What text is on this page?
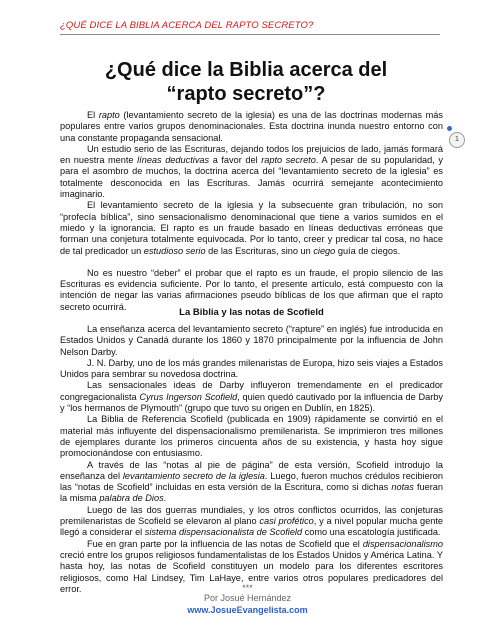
¿QUÉ DICE LA BIBLIA ACERCA DEL RAPTO SECRETO?
1
¿Qué dice la Biblia acerca del “rapto secreto”?

El rapto (levantamiento secreto de la iglesia) es una de las doctrinas modernas más populares entre varios grupos denominacionales. Esta doctrina inunda nuestro entorno con una constante propaganda sensacional.

Un estudio serio de las Escrituras, dejando todos los prejuicios de lado, jamás formará en nuestra mente líneas deductivas a favor del rapto secreto. A pesar de su popularidad, y para el asombro de muchos, la doctrina acerca del “levantamiento secreto de la iglesia” es totalmente desconocida en las Escrituras. Jamás ocurrirá semejante acontecimiento imaginario.

El levantamiento secreto de la iglesia y la subsecuente gran tribulación, no son “profecía bíblica”, sino sensacionalismo denominacional que tiene a varios sumidos en el miedo y la ignorancia. El rapto es un fraude basado en líneas deductivas erróneas que forman una conjetura totalmente equivocada. Por lo tanto, creer y predicar tal cosa, no hace de tal predicador un estudioso serio de las Escrituras, sino un ciego guía de ciegos.

No es nuestro “deber” el probar que el rapto es un fraude, el propio silencio de las Escrituras es evidencia suficiente. Por lo tanto, el presente artículo, está compuesto con la intención de negar las varias afirmaciones pseudo bíblicas de los que afirman que el rapto secreto ocurrirá.

La Biblia y las notas de Scofield

La enseñanza acerca del levantamiento secreto (“rapture” en inglés) fue introducida en Estados Unidos y Canadá durante los 1860 y 1870 principalmente por la influencia de John Nelson Darby.

J. N. Darby, uno de los más grandes milenaristas de Europa, hizo seis viajes a Estados Unidos para sembrar su novedosa doctrina.

Las sensacionales ideas de Darby influyeron tremendamente en el predicador congregacionalista Cyrus Ingerson Scofield, quien quedó cautivado por la influencia de Darby y “los hermanos de Plymouth” (grupo que tuvo su origen en Dublín, en 1825).

La Biblia de Referencia Scofield (publicada en 1909) rápidamente se convirtió en el material más influyente del dispensacionalismo premilenarista. Se imprimieron tres millones de ejemplares durante los primeros cincuenta años de su existencia, y hasta hoy sigue promocionándose con entusiasmo.

A través de las “notas al pie de página” de esta versión, Scofield introdujo la enseñanza del levantamiento secreto de la iglesia. Luego, fueron muchos crédulos recibieron las “notas de Scofield” incluidas en esta versión de la Escritura, como si dichas notas fueran la misma palabra de Dios.

Luego de las dos guerras mundiales, y los otros conflictos ocurridos, las conjeturas premilenaristas de Scofield se elevaron al plano casi profético, y a nivel popular mucha gente llegó a considerar el sistema dispensacionalista de Scofield como una escatología justificada.

Fue en gran parte por la influencia de las notas de Scofield que el dispensacionalismo creció entre los grupos religiosos fundamentalistas de los Estados Unidos y América Latina. Y hasta hoy, las notas de Scofield constituyen un modelo para los diferentes escritores religiosos, como Hal Lindsey, Tim LaHaye, entre varios otros populares predicadores del error.	***
Por Josué Hernández
www.JosueEvangelista.com
